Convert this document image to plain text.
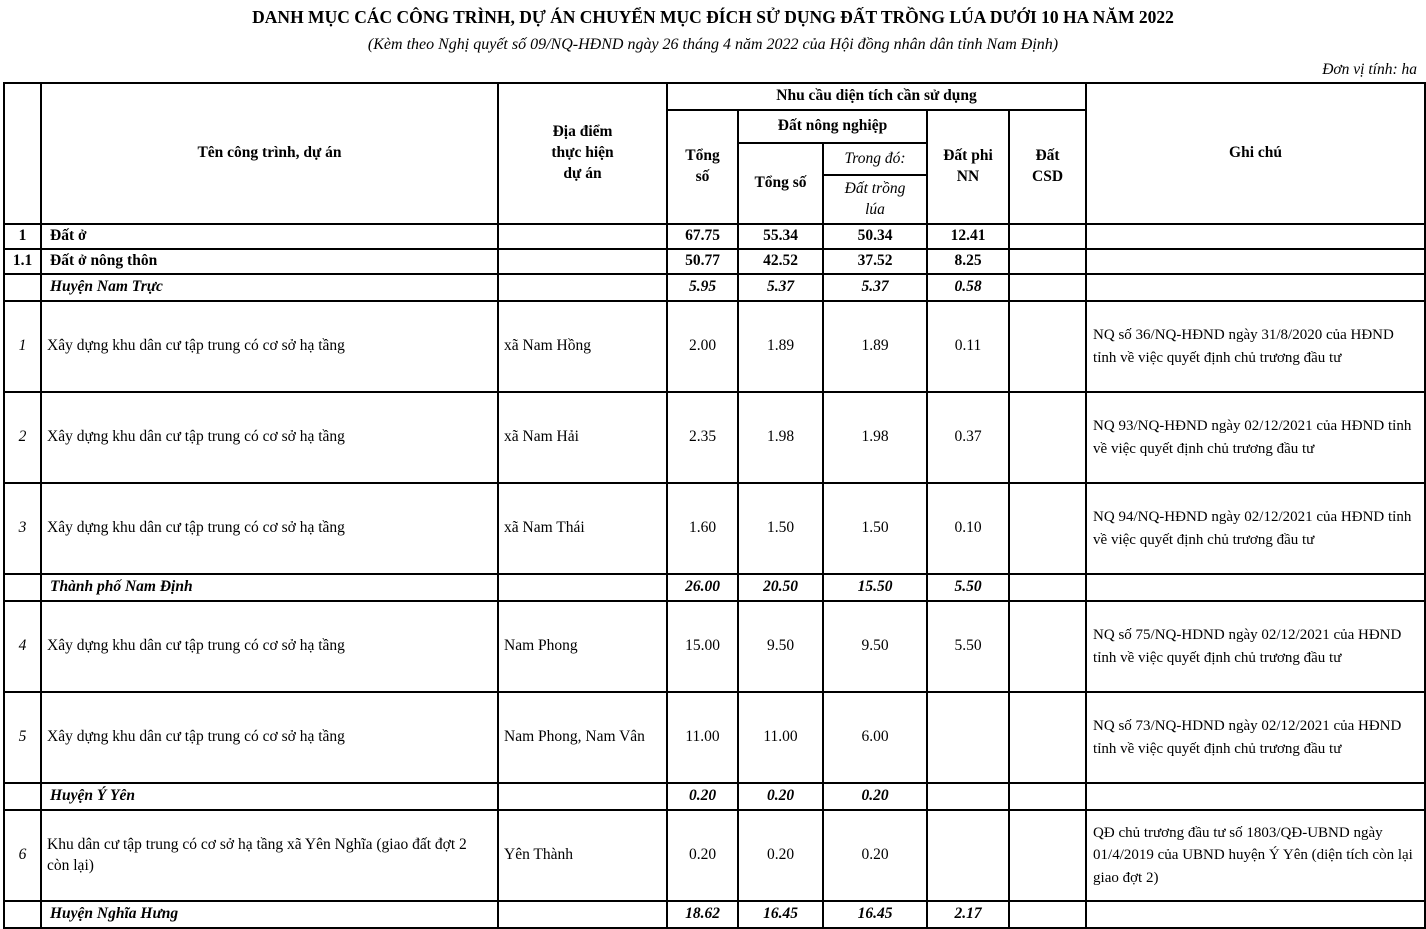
DANH MỤC CÁC CÔNG TRÌNH, DỰ ÁN CHUYỂN MỤC ĐÍCH SỬ DỤNG ĐẤT TRỒNG LÚA DƯỚI 10 HA NĂM 2022
(Kèm theo Nghị quyết số 09/NQ-HĐND ngày 26 tháng 4 năm 2022 của Hội đồng nhân dân tỉnh Nam Định)
Đơn vị tính: ha
	Tên công trình, dự án	Địa điểm thực hiện dự án	Nhu cầu diện tích cần sử dụng					Ghi chú
			Tổng số	Đất nông nghiệp		Đất phi NN	Đất CSD	
				Tổng số	Trong đó:			
					Đất trồng lúa			
1	Đất ở		67.75	55.34	50.34	12.41		
1.1	Đất ở nông thôn		50.77	42.52	37.52	8.25		
	Huyện Nam Trực		5.95	5.37	5.37	0.58		
1	Xây dựng khu dân cư tập trung có cơ sở hạ tầng	xã Nam Hồng	2.00	1.89	1.89	0.11		NQ số 36/NQ-HĐND ngày 31/8/2020 của HĐND tỉnh về việc quyết định chủ trương đầu tư
2	Xây dựng khu dân cư tập trung có cơ sở hạ tầng	xã Nam Hải	2.35	1.98	1.98	0.37		NQ 93/NQ-HĐND ngày 02/12/2021 của HĐND tỉnh về việc quyết định chủ trương đầu tư
3	Xây dựng khu dân cư tập trung có cơ sở hạ tầng	xã Nam Thái	1.60	1.50	1.50	0.10		NQ 94/NQ-HĐND ngày 02/12/2021 của HĐND tỉnh về việc quyết định chủ trương đầu tư
	Thành phố Nam Định		26.00	20.50	15.50	5.50		
4	Xây dựng khu dân cư tập trung có cơ sở hạ tầng	Nam Phong	15.00	9.50	9.50	5.50		NQ số 75/NQ-HDND ngày 02/12/2021 của HĐND tỉnh về việc quyết định chủ trương đầu tư
5	Xây dựng khu dân cư tập trung có cơ sở hạ tầng	Nam Phong, Nam Vân	11.00	11.00	6.00			NQ số 73/NQ-HDND ngày 02/12/2021 của HĐND tỉnh về việc quyết định chủ trương đầu tư
	Huyện Ý Yên		0.20	0.20	0.20			
6	Khu dân cư tập trung có cơ sở hạ tầng xã Yên Nghĩa (giao đất đợt 2 còn lại)	Yên Thành	0.20	0.20	0.20			QĐ chủ trương đầu tư số 1803/QĐ-UBND ngày 01/4/2019 của UBND huyện Ý Yên (diện tích còn lại giao đợt 2)
	Huyện Nghĩa Hưng		18.62	16.45	16.45	2.17		
